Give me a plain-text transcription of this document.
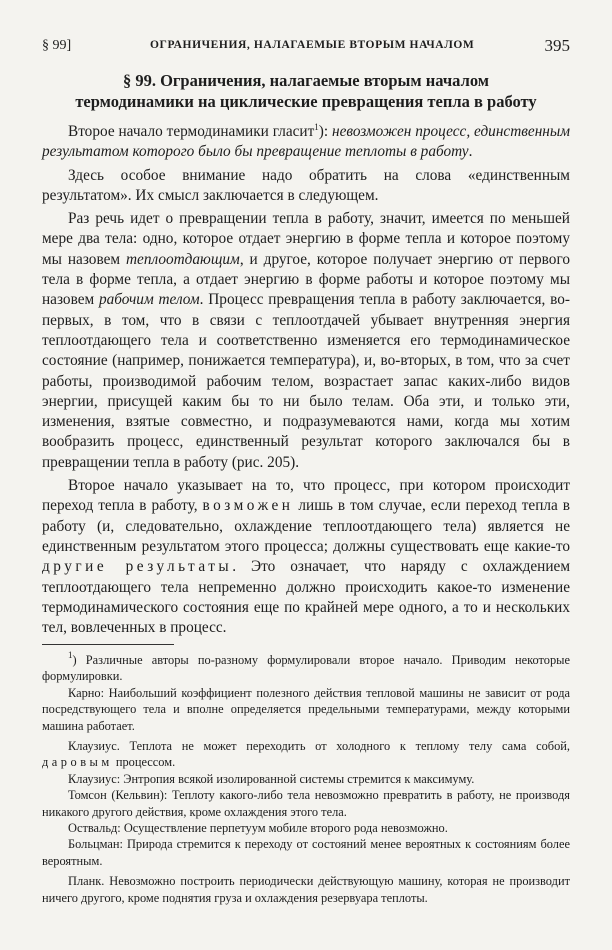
§ 99]	ОГРАНИЧЕНИЯ, НАЛАГАЕМЫЕ ВТОРЫМ НАЧАЛОМ	395
§ 99. Ограничения, налагаемые вторым началом
термодинамики на циклические превращения тепла в работу

Второе начало термодинамики гласит$^1$): невозможен процесс, единственным результатом которого было бы превращение теплоты в работу.

Здесь особое внимание надо обратить на слова «единственным результатом». Их смысл заключается в следующем.

Раз речь идет о превращении тепла в работу, значит, имеется по меньшей мере два тела: одно, которое отдает энергию в форме тепла и которое поэтому мы назовем теплоотдающим, и другое, которое получает энергию от первого тела в форме тепла, а отдает энергию в форме работы и которое поэтому мы назовем рабочим телом. Процесс превращения тепла в работу заключается, во-первых, в том, что в связи с теплоотдачей убывает внутренняя энергия теплоотдающего тела и соответственно изменяется его термодинамическое состояние (например, понижается температура), и, во-вторых, в том, что за счет работы, производимой рабочим телом, возрастает запас каких-либо видов энергии, присущей каким бы то ни было телам. Оба эти, и только эти, изменения, взятые совместно, и подразумеваются нами, когда мы хотим вообразить процесс, единственный результат которого заключался бы в превращении тепла в работу (рис. 205).

Второе начало указывает на то, что процесс, при котором происходит переход тепла в работу, возможен лишь в том случае, если переход тепла в работу (и, следовательно, охлаждение теплоотдающего тела) является не единственным результатом этого процесса; должны существовать еще какие-то другие результаты. Это означает, что наряду с охлаждением теплоотдающего тела непременно должно происходить какое-то изменение термодинамического состояния еще по крайней мере одного, а то и нескольких тел, вовлеченных в процесс.

$^1$) Различные авторы по-разному формулировали второе начало. Приводим некоторые формулировки.

Карно: Наибольший коэффициент полезного действия тепловой машины не зависит от рода посредствующего тела и вполне определяется предельными температурами, между которыми машина работает.

Клаузиус. Теплота не может переходить от холодного к теплому телу сама собой, даровым процессом.

Клаузиус: Энтропия всякой изолированной системы стремится к максимуму.

Томсон (Кельвин): Теплоту какого-либо тела невозможно превратить в работу, не производя никакого другого действия, кроме охлаждения этого тела.

Оствальд: Осуществление перпетуум мобиле второго рода невозможно.

Больцман: Природа стремится к переходу от состояний менее вероятных к состояниям более вероятным.

Планк. Невозможно построить периодически действующую машину, которая не производит ничего другого, кроме поднятия груза и охлаждения резервуара теплоты.
